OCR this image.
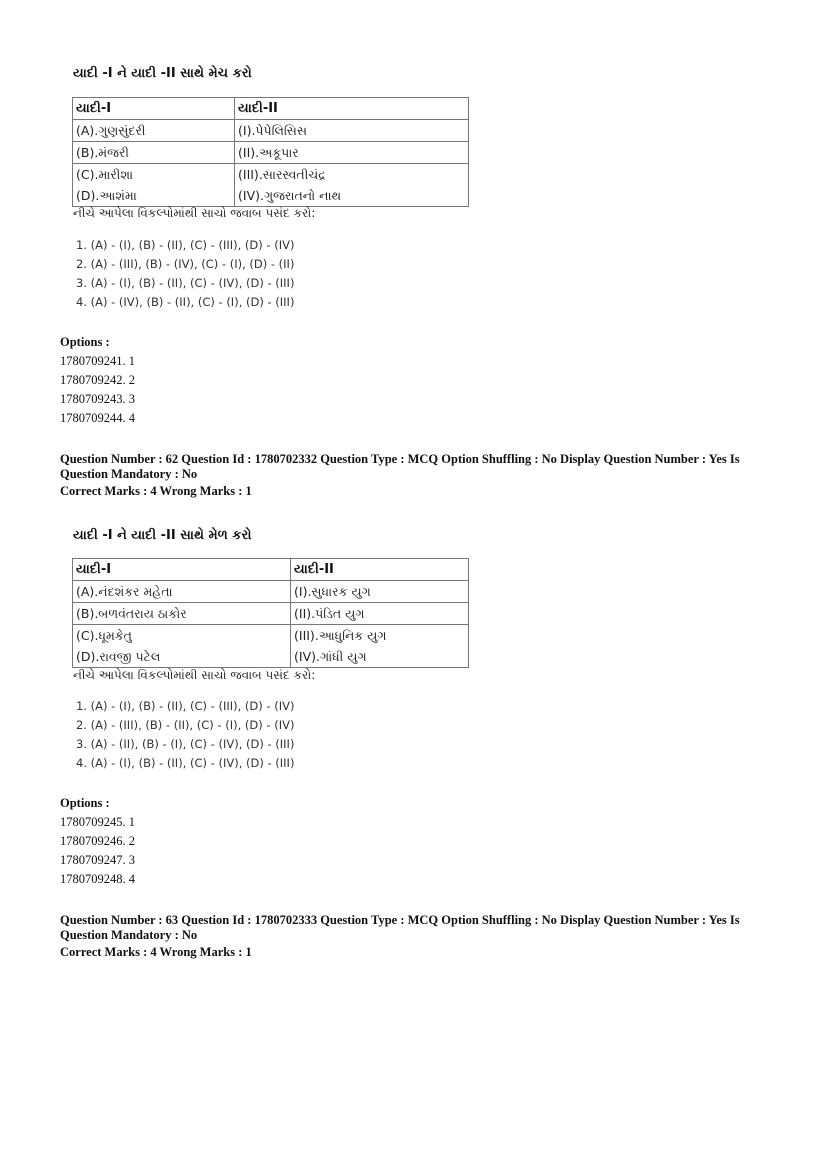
યાદી -I ને યાદી -II સાથે મેચ કરો
યાદી-I	યાદી-II
(A).ગુણસુંદરી	(I).પેપેલિસિસ
(B).મંજરી	(II).અકૂપાર
(C).મારીશા	(III).સારસ્વતીચંદ્ર
(D).આશંમા	(IV).ગુજરાતનો નાથ
નીચે આપેલા વિકલ્પોમાંથી સાચો જવાબ પસંદ કરો:
1. (A) - (I), (B) - (II), (C) - (III), (D) - (IV)
2. (A) - (III), (B) - (IV), (C) - (I), (D) - (II)
3. (A) - (I), (B) - (II), (C) - (IV), (D) - (III)
4. (A) - (IV), (B) - (II), (C) - (I), (D) - (III)
Options :
1780709241. 1
1780709242. 2
1780709243. 3
1780709244. 4
Question Number : 62 Question Id : 1780702332 Question Type : MCQ Option Shuffling : No Display Question Number : Yes Is
Question Mandatory : No
Correct Marks : 4 Wrong Marks : 1
યાદી -I ને યાદી -II સાથે મેળ કરો
યાદી-I	યાદી-II
(A).નંદશંકર મહેતા	(I).સુધારક યુગ
(B).બળવંતરાય ઠાકોર	(II).પંડિત યુગ
(C).ધૂમકેતુ	(III).આધુનિક યુગ
(D).રાવજી પટેલ	(IV).ગાંધી યુગ
નીચે આપેલા વિકલ્પોમાંથી સાચો જવાબ પસંદ કરો:
1. (A) - (I), (B) - (II), (C) - (III), (D) - (IV)
2. (A) - (III), (B) - (II), (C) - (I), (D) - (IV)
3. (A) - (II), (B) - (I), (C) - (IV), (D) - (III)
4. (A) - (I), (B) - (II), (C) - (IV), (D) - (III)
Options :
1780709245. 1
1780709246. 2
1780709247. 3
1780709248. 4
Question Number : 63 Question Id : 1780702333 Question Type : MCQ Option Shuffling : No Display Question Number : Yes Is
Question Mandatory : No
Correct Marks : 4 Wrong Marks : 1
